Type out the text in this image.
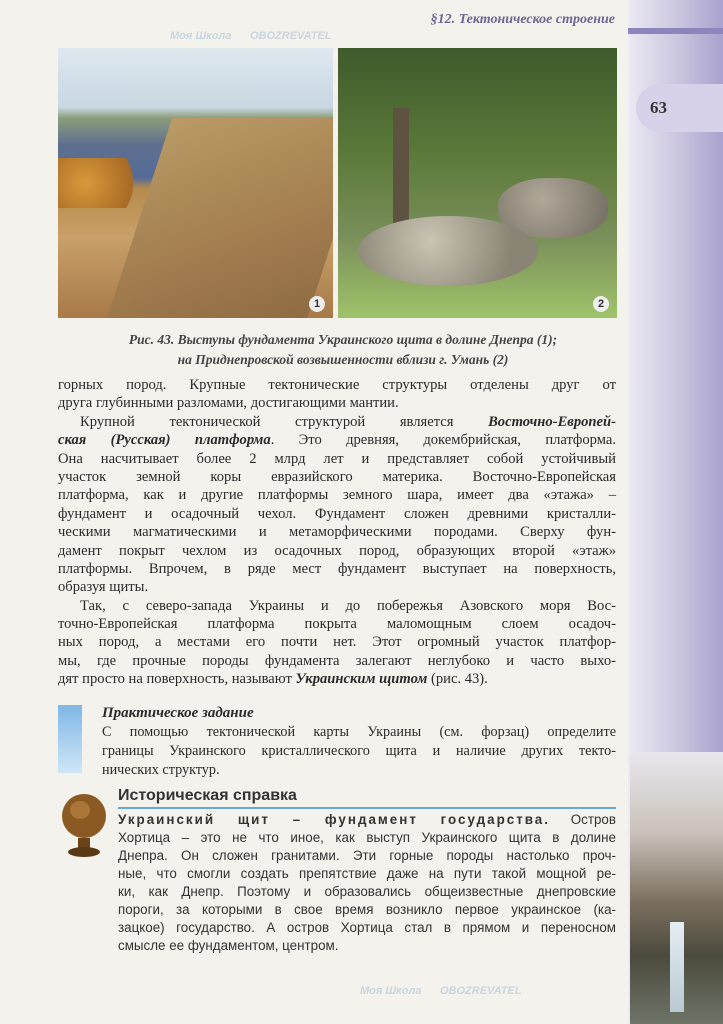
§12. Тектоническое строение
63
1	2
Рис. 43. Выступы фундамента Украинского щита в долине Днепра (1);
на Приднепровской возвышенности вблизи г. Умань (2)
горных пород. Крупные тектонические структуры отделены друг от
друга глубинными разломами, достигающими мантии.
Крупной тектонической структурой является Восточно-Европей-
ская (Русская) платформа. Это древняя, докембрийская, платформа.
Она насчитывает более 2 млрд лет и представляет собой устойчивый
участок земной коры евразийского материка. Восточно-Европейская
платформа, как и другие платформы земного шара, имеет два «этажа» –
фундамент и осадочный чехол. Фундамент сложен древними кристалли-
ческими магматическими и метаморфическими породами. Сверху фун-
дамент покрыт чехлом из осадочных пород, образующих второй «этаж»
платформы. Впрочем, в ряде мест фундамент выступает на поверхность,
образуя щиты.
Так, с северо-запада Украины и до побережья Азовского моря Вос-
точно-Европейская платформа покрыта маломощным слоем осадоч-
ных пород, а местами его почти нет. Этот огромный участок платфор-
мы, где прочные породы фундамента залегают неглубоко и часто выхо-
дят просто на поверхность, называют Украинским щитом (рис. 43).
Практическое задание
С помощью тектонической карты Украины (см. форзац) определите
границы Украинского кристаллического щита и наличие других текто-
нических структур.
Историческая справка
Украинский щит – фундамент государства. Остров
Хортица – это не что иное, как выступ Украинского щита в долине
Днепра. Он сложен гранитами. Эти горные породы настолько проч-
ные, что смогли создать препятствие даже на пути такой мощной ре-
ки, как Днепр. Поэтому и образовались общеизвестные днепровские
пороги, за которыми в свое время возникло первое украинское (ка-
зацкое) государство. А остров Хортица стал в прямом и переносном
смысле ее фундаментом, центром.
Моя Школа OBOZREVATEL
Моя Школа OBOZREVATEL
